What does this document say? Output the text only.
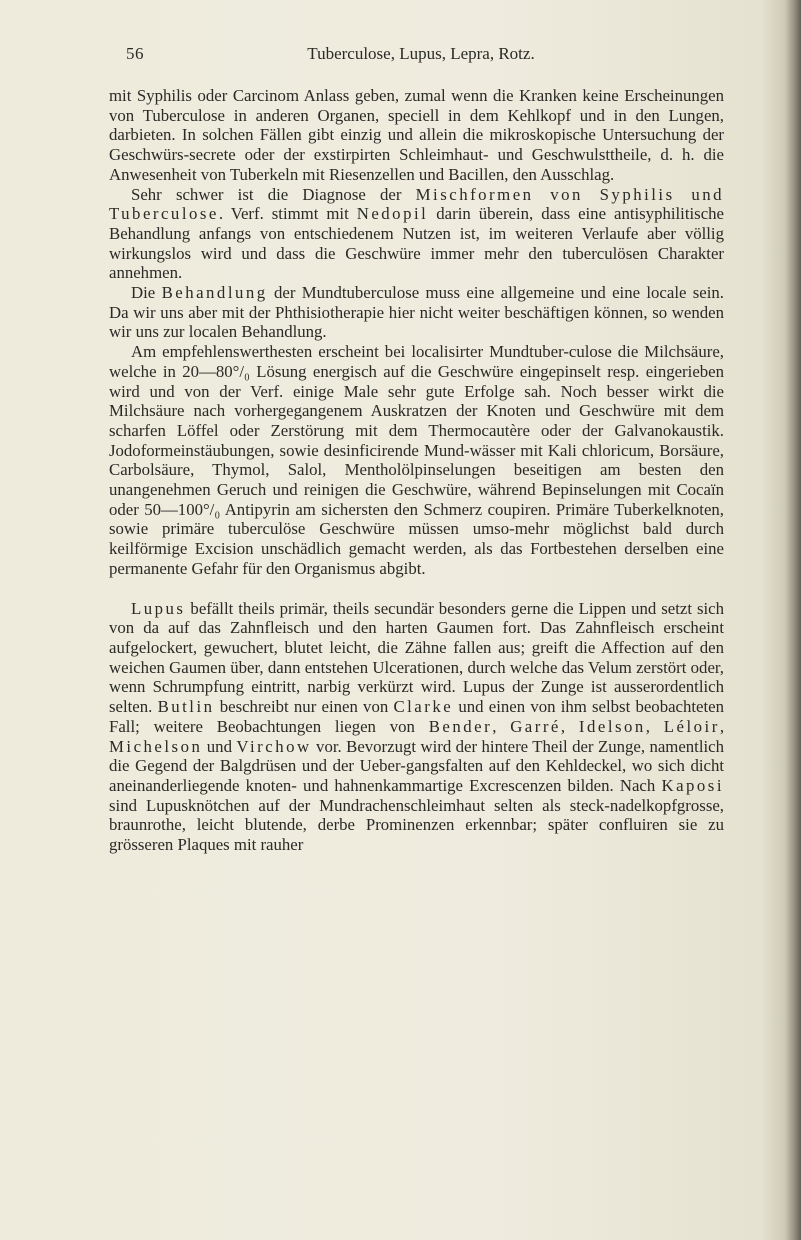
56	Tuberculose, Lupus, Lepra, Rotz.

mit Syphilis oder Carcinom Anlass geben, zumal wenn die Kranken keine Erscheinungen von Tuberculose in anderen Organen, speciell in dem Kehlkopf und in den Lungen, darbieten. In solchen Fällen gibt einzig und allein die mikroskopische Untersuchung der Geschwürs-secrete oder der exstirpirten Schleimhaut- und Geschwulsttheile, d. h. die Anwesenheit von Tuberkeln mit Riesenzellen und Bacillen, den Ausschlag.

Sehr schwer ist die Diagnose der Mischformen von Syphilis und Tuberculose. Verf. stimmt mit Nedopil darin überein, dass eine antisyphilitische Behandlung anfangs von entschiedenem Nutzen ist, im weiteren Verlaufe aber völlig wirkungslos wird und dass die Geschwüre immer mehr den tuberculösen Charakter annehmen.

Die Behandlung der Mundtuberculose muss eine allgemeine und eine locale sein. Da wir uns aber mit der Phthisiotherapie hier nicht weiter beschäftigen können, so wenden wir uns zur localen Behandlung.

Am empfehlenswerthesten erscheint bei localisirter Mundtuber-culose die Milchsäure, welche in 20—80°/₀ Lösung energisch auf die Geschwüre eingepinselt resp. eingerieben wird und von der Verf. einige Male sehr gute Erfolge sah. Noch besser wirkt die Milchsäure nach vorhergegangenem Auskratzen der Knoten und Geschwüre mit dem scharfen Löffel oder Zerstörung mit dem Thermocautère oder der Galvanokaustik. Jodoformeinstäubungen, sowie desinficirende Mund-wässer mit Kali chloricum, Borsäure, Carbolsäure, Thymol, Salol, Mentholölpinselungen beseitigen am besten den unangenehmen Geruch und reinigen die Geschwüre, während Bepinselungen mit Cocaïn oder 50—100°/₀ Antipyrin am sichersten den Schmerz coupiren. Primäre Tuberkelknoten, sowie primäre tuberculöse Geschwüre müssen umso-mehr möglichst bald durch keilförmige Excision unschädlich gemacht werden, als das Fortbestehen derselben eine permanente Gefahr für den Organismus abgibt.

Lupus befällt theils primär, theils secundär besonders gerne die Lippen und setzt sich von da auf das Zahnfleisch und den harten Gaumen fort. Das Zahnfleisch erscheint aufgelockert, gewuchert, blutet leicht, die Zähne fallen aus; greift die Affection auf den weichen Gaumen über, dann entstehen Ulcerationen, durch welche das Velum zerstört oder, wenn Schrumpfung eintritt, narbig verkürzt wird. Lupus der Zunge ist ausserordentlich selten. Butlin beschreibt nur einen von Clarke und einen von ihm selbst beobachteten Fall; weitere Beobachtungen liegen von Bender, Garré, Idelson, Léloir, Michelson und Virchow vor. Bevorzugt wird der hintere Theil der Zunge, namentlich die Gegend der Balgdrüsen und der Ueber-gangsfalten auf den Kehldeckel, wo sich dicht aneinanderliegende knoten- und hahnenkammartige Excrescenzen bilden. Nach Kaposi sind Lupusknötchen auf der Mundrachenschleimhaut selten als steck-nadelkopfgrosse, braunrothe, leicht blutende, derbe Prominenzen erkennbar; später confluiren sie zu grösseren Plaques mit rauher
